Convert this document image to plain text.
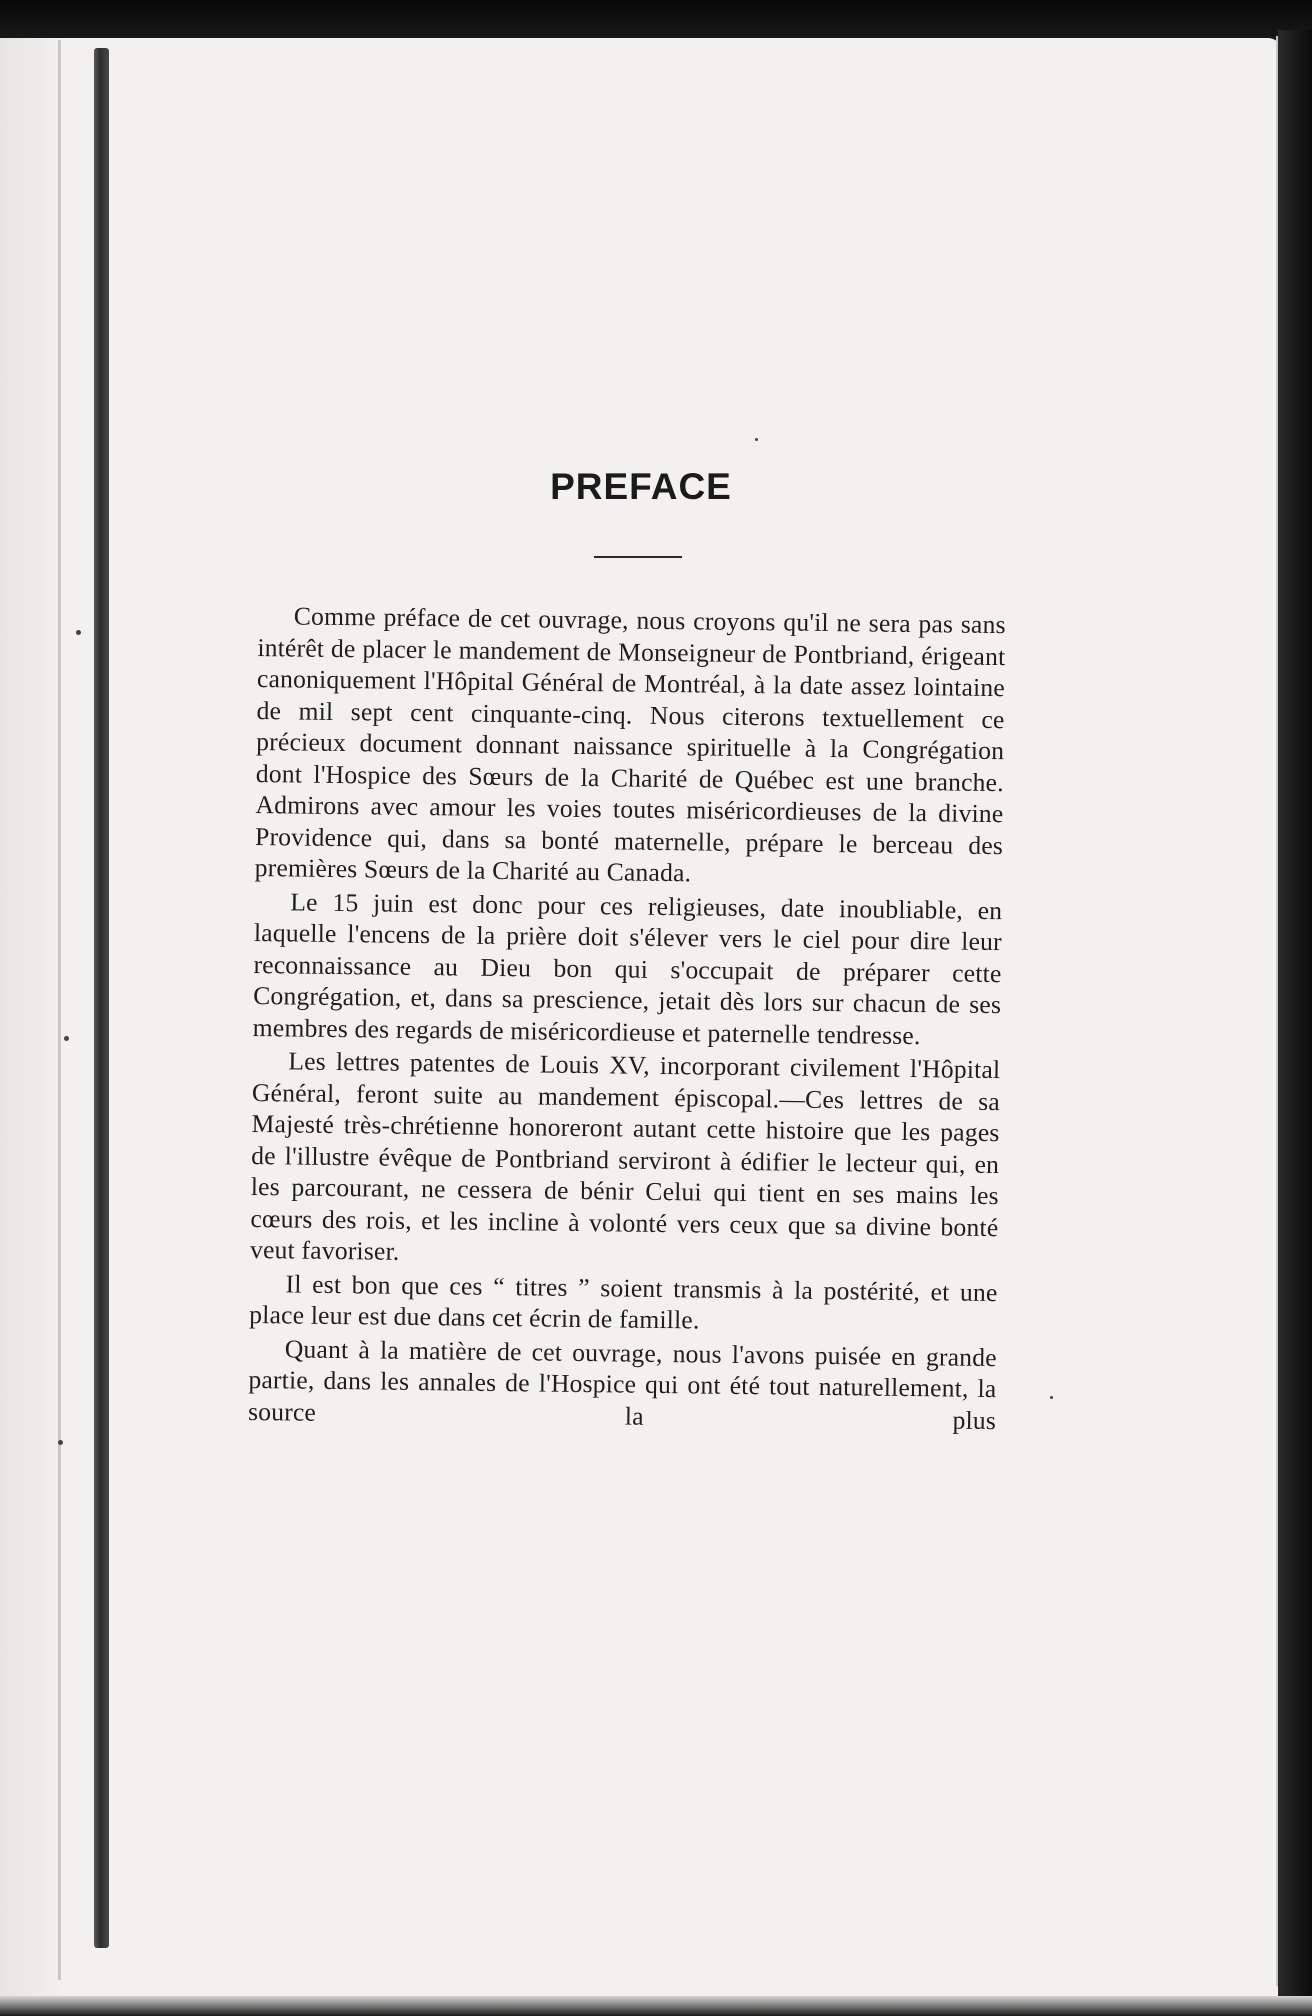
PREFACE

Comme préface de cet ouvrage, nous croyons qu'il ne sera pas sans intérêt de placer le mandement de Monseigneur de Pontbriand, érigeant canoniquement l'Hôpital Général de Montréal, à la date assez lointaine de mil sept cent cinquante-cinq. Nous citerons textuellement ce précieux document donnant naissance spirituelle à la Congrégation dont l'Hospice des Sœurs de la Charité de Québec est une branche. Admirons avec amour les voies toutes miséricordieuses de la divine Providence qui, dans sa bonté maternelle, prépare le berceau des premières Sœurs de la Charité au Canada.

Le 15 juin est donc pour ces religieuses, date inoubliable, en laquelle l'encens de la prière doit s'élever vers le ciel pour dire leur reconnaissance au Dieu bon qui s'occupait de préparer cette Congrégation, et, dans sa prescience, jetait dès lors sur chacun de ses membres des regards de miséricordieuse et paternelle tendresse.

Les lettres patentes de Louis XV, incorporant civilement l'Hôpital Général, feront suite au mandement épiscopal.—Ces lettres de sa Majesté très-chrétienne honoreront autant cette histoire que les pages de l'illustre évêque de Pontbriand serviront à édifier le lecteur qui, en les parcourant, ne cessera de bénir Celui qui tient en ses mains les cœurs des rois, et les incline à volonté vers ceux que sa divine bonté veut favoriser.

Il est bon que ces “ titres ” soient transmis à la postérité, et une place leur est due dans cet écrin de famille.

Quant à la matière de cet ouvrage, nous l'avons puisée en grande partie, dans les annales de l'Hospice qui ont été tout naturellement, la source la plus
